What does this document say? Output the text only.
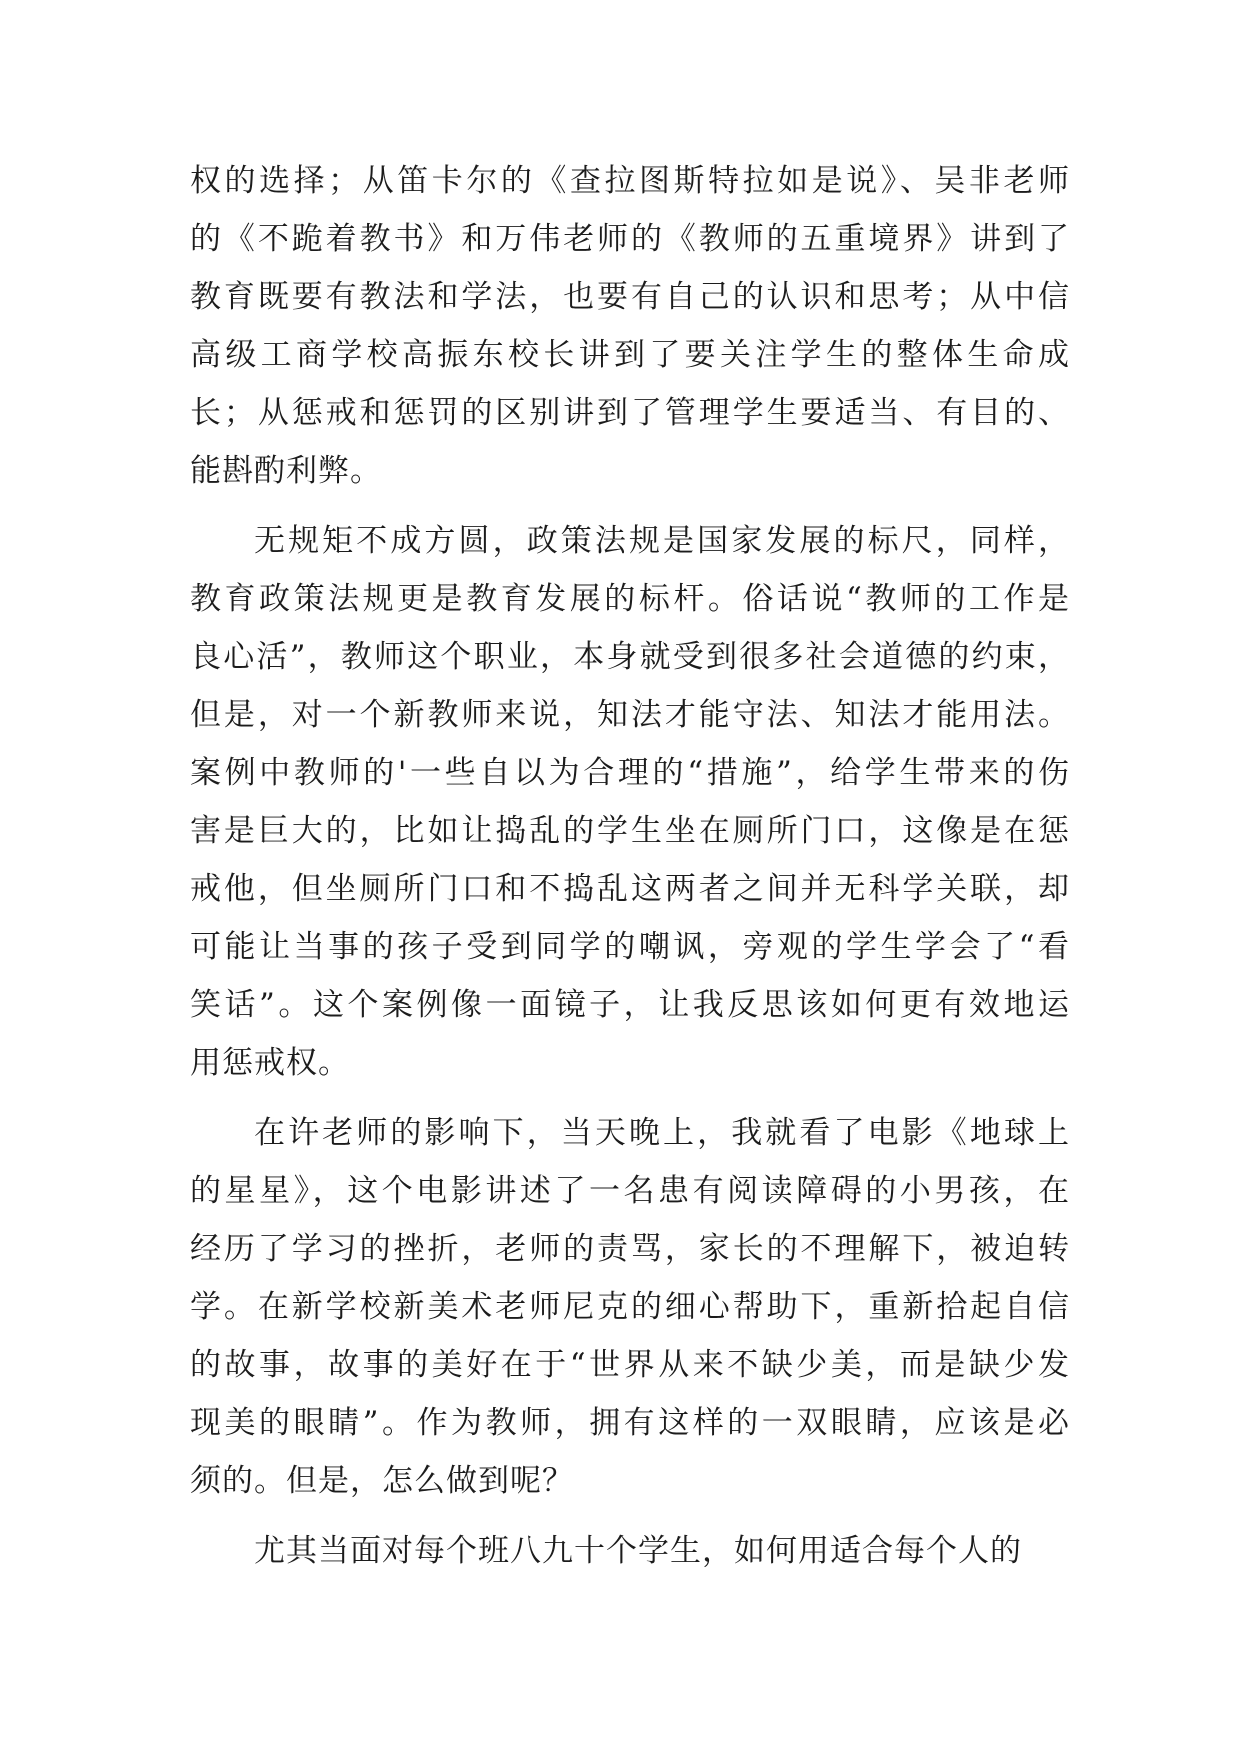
权的选择；从笛卡尔的《查拉图斯特拉如是说》、吴非老师
的《不跪着教书》和万伟老师的《教师的五重境界》讲到了
教育既要有教法和学法，也要有自己的认识和思考；从中信
高级工商学校高振东校长讲到了要关注学生的整体生命成
长；从惩戒和惩罚的区别讲到了管理学生要适当、有目的、
能斟酌利弊。
无规矩不成方圆，政策法规是国家发展的标尺，同样，
教育政策法规更是教育发展的标杆。俗话说“教师的工作是
良心活”，教师这个职业，本身就受到很多社会道德的约束，
但是，对一个新教师来说，知法才能守法、知法才能用法。
案例中教师的'一些自以为合理的“措施”，给学生带来的伤
害是巨大的，比如让捣乱的学生坐在厕所门口，这像是在惩
戒他，但坐厕所门口和不捣乱这两者之间并无科学关联，却
可能让当事的孩子受到同学的嘲讽，旁观的学生学会了“看
笑话”。这个案例像一面镜子，让我反思该如何更有效地运
用惩戒权。
在许老师的影响下，当天晚上，我就看了电影《地球上
的星星》，这个电影讲述了一名患有阅读障碍的小男孩，在
经历了学习的挫折，老师的责骂，家长的不理解下，被迫转
学。在新学校新美术老师尼克的细心帮助下，重新拾起自信
的故事，故事的美好在于“世界从来不缺少美，而是缺少发
现美的眼睛”。作为教师，拥有这样的一双眼睛，应该是必
须的。但是，怎么做到呢？
尤其当面对每个班八九十个学生，如何用适合每个人的
